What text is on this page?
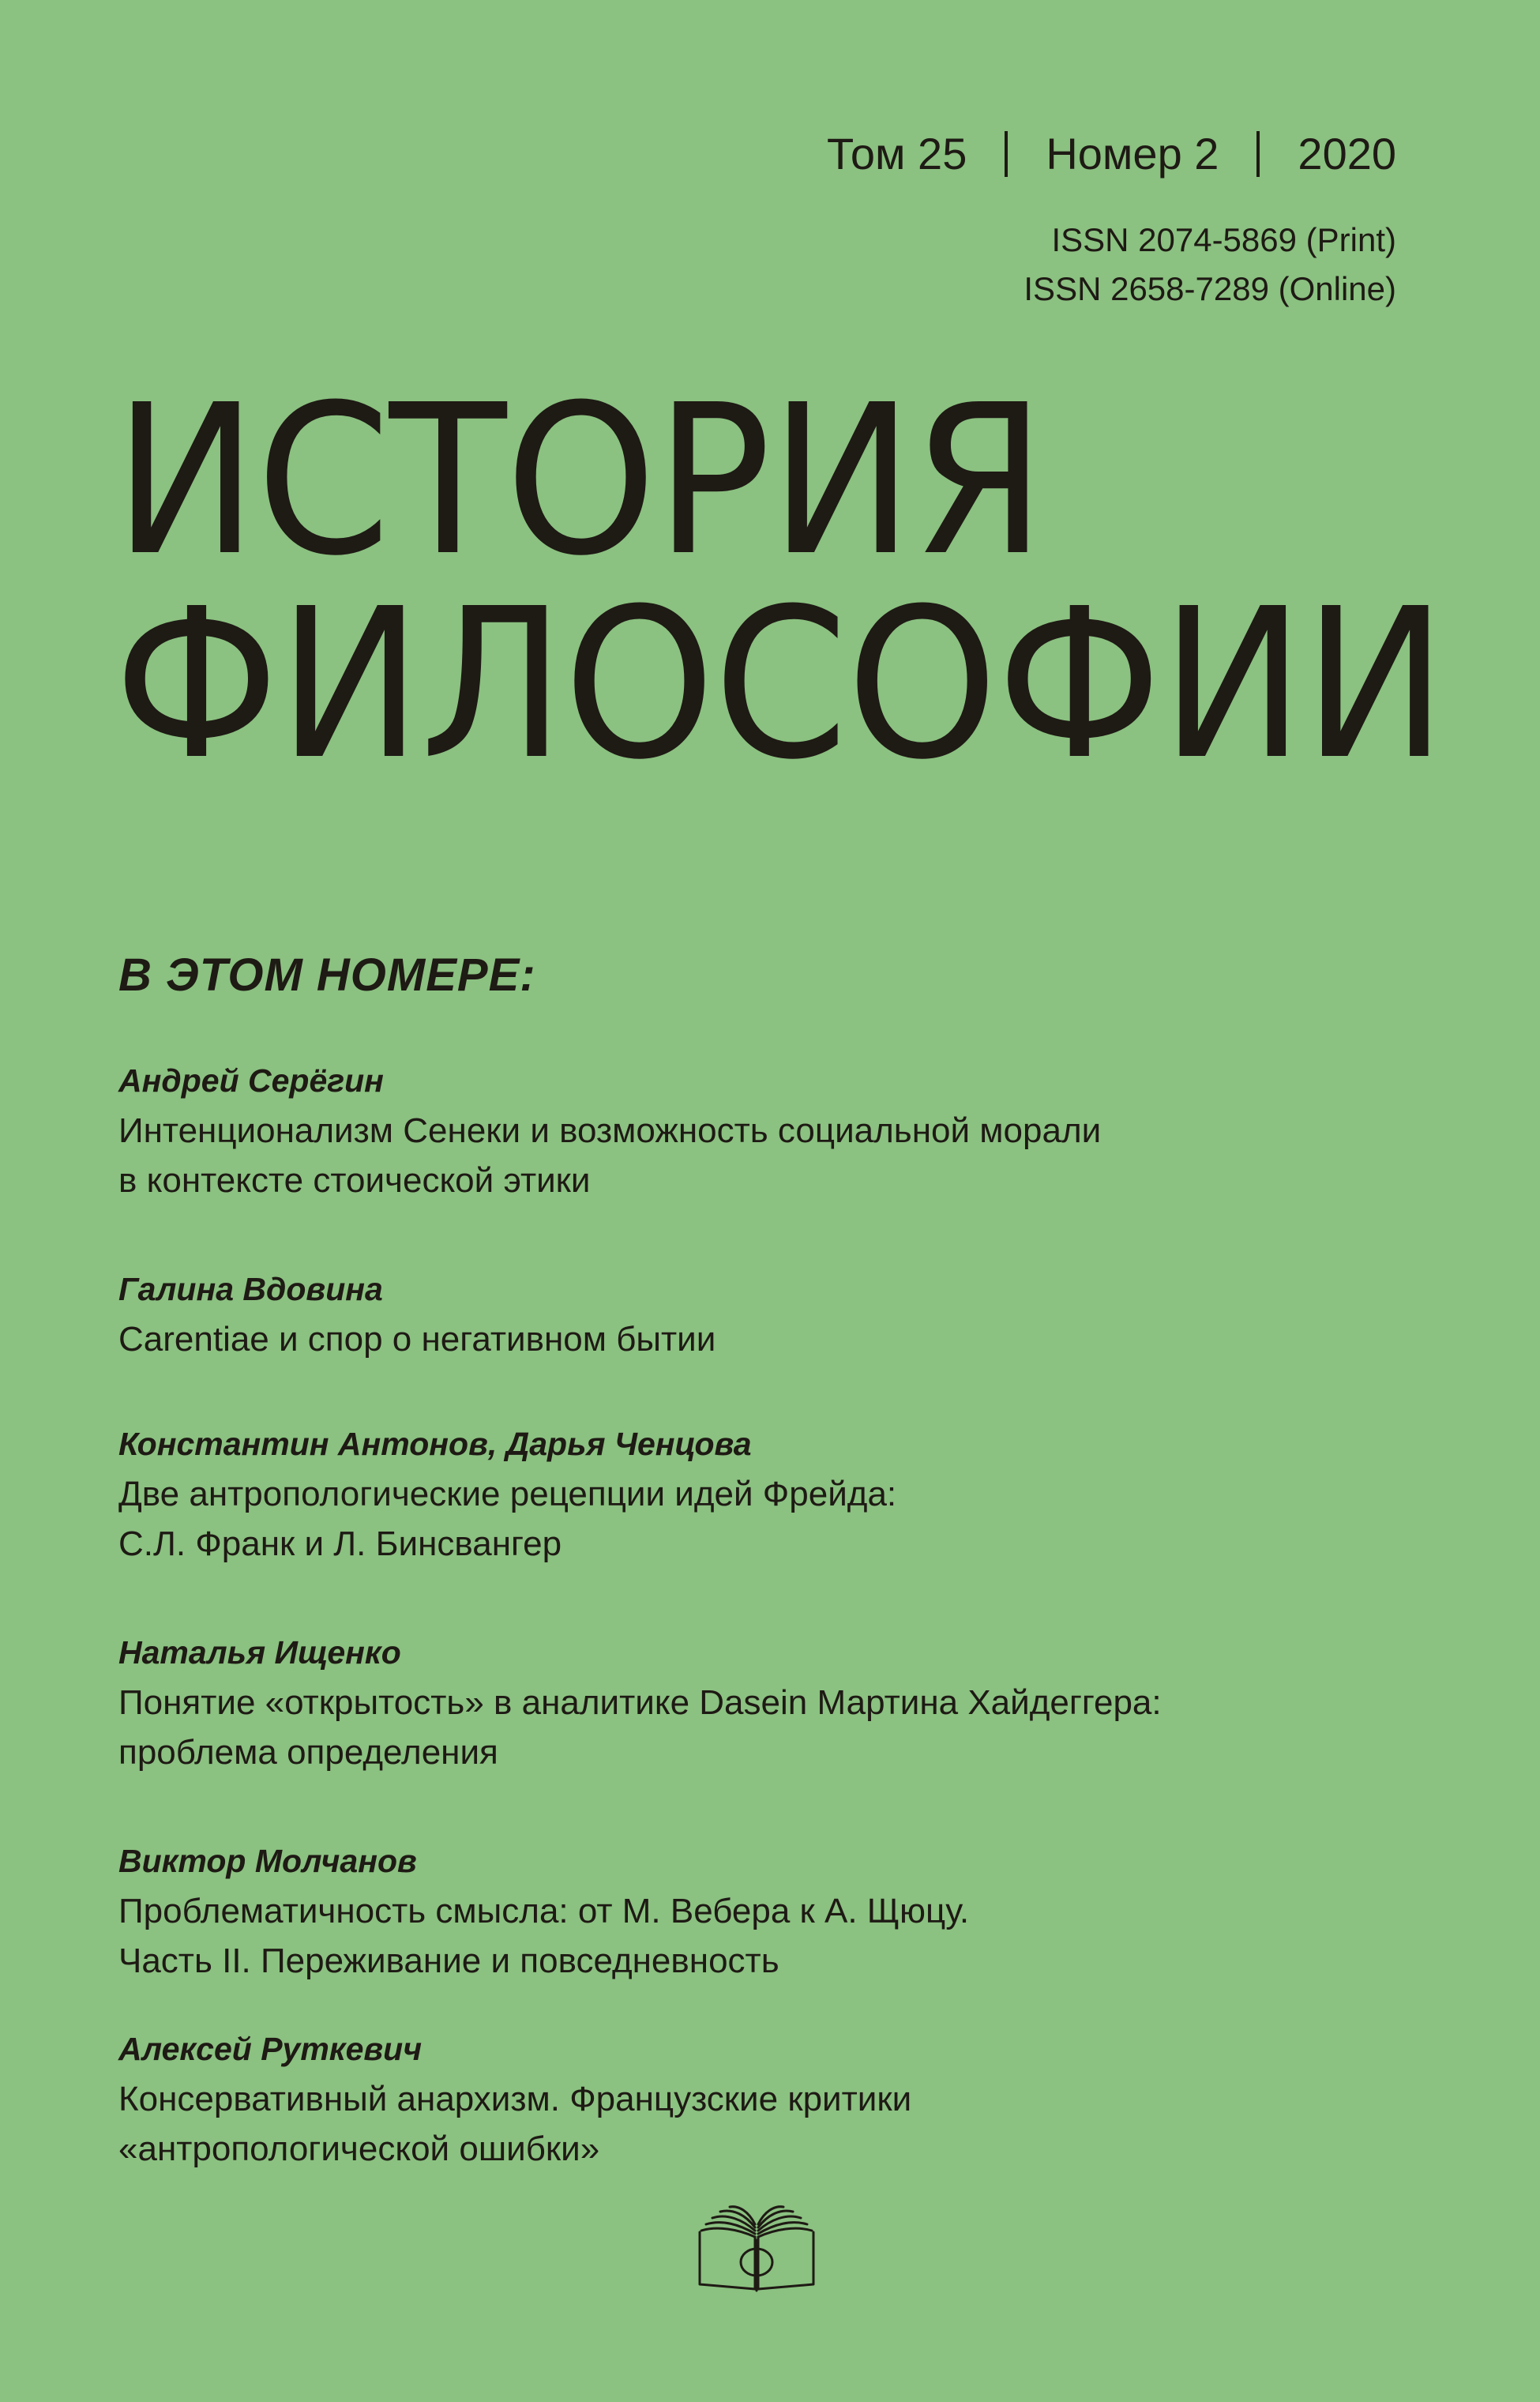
Том 25 Номер 2 2020
ISSN 2074-5869 (Print)
ISSN 2658-7289 (Online)
ИСТОРИЯ
ФИЛОСОФИИ
В ЭТОМ НОМЕРЕ:
Андрей Серёгин
Интенционализм Сенеки и возможность социальной морали
в контексте стоической этики
Галина Вдовина
Carentiae и спор о негативном бытии
Константин Антонов, Дарья Ченцова
Две антропологические рецепции идей Фрейда:
С.Л. Франк и Л. Бинсвангер
Наталья Ищенко
Понятие «открытость» в аналитике Dasein Мартина Хайдеггера:
проблема определения
Виктор Молчанов
Проблематичность смысла: от М. Вебера к А. Щюцу.
Часть II. Переживание и повседневность
Алексей Руткевич
Консервативный анархизм. Французские критики
«антропологической ошибки»
